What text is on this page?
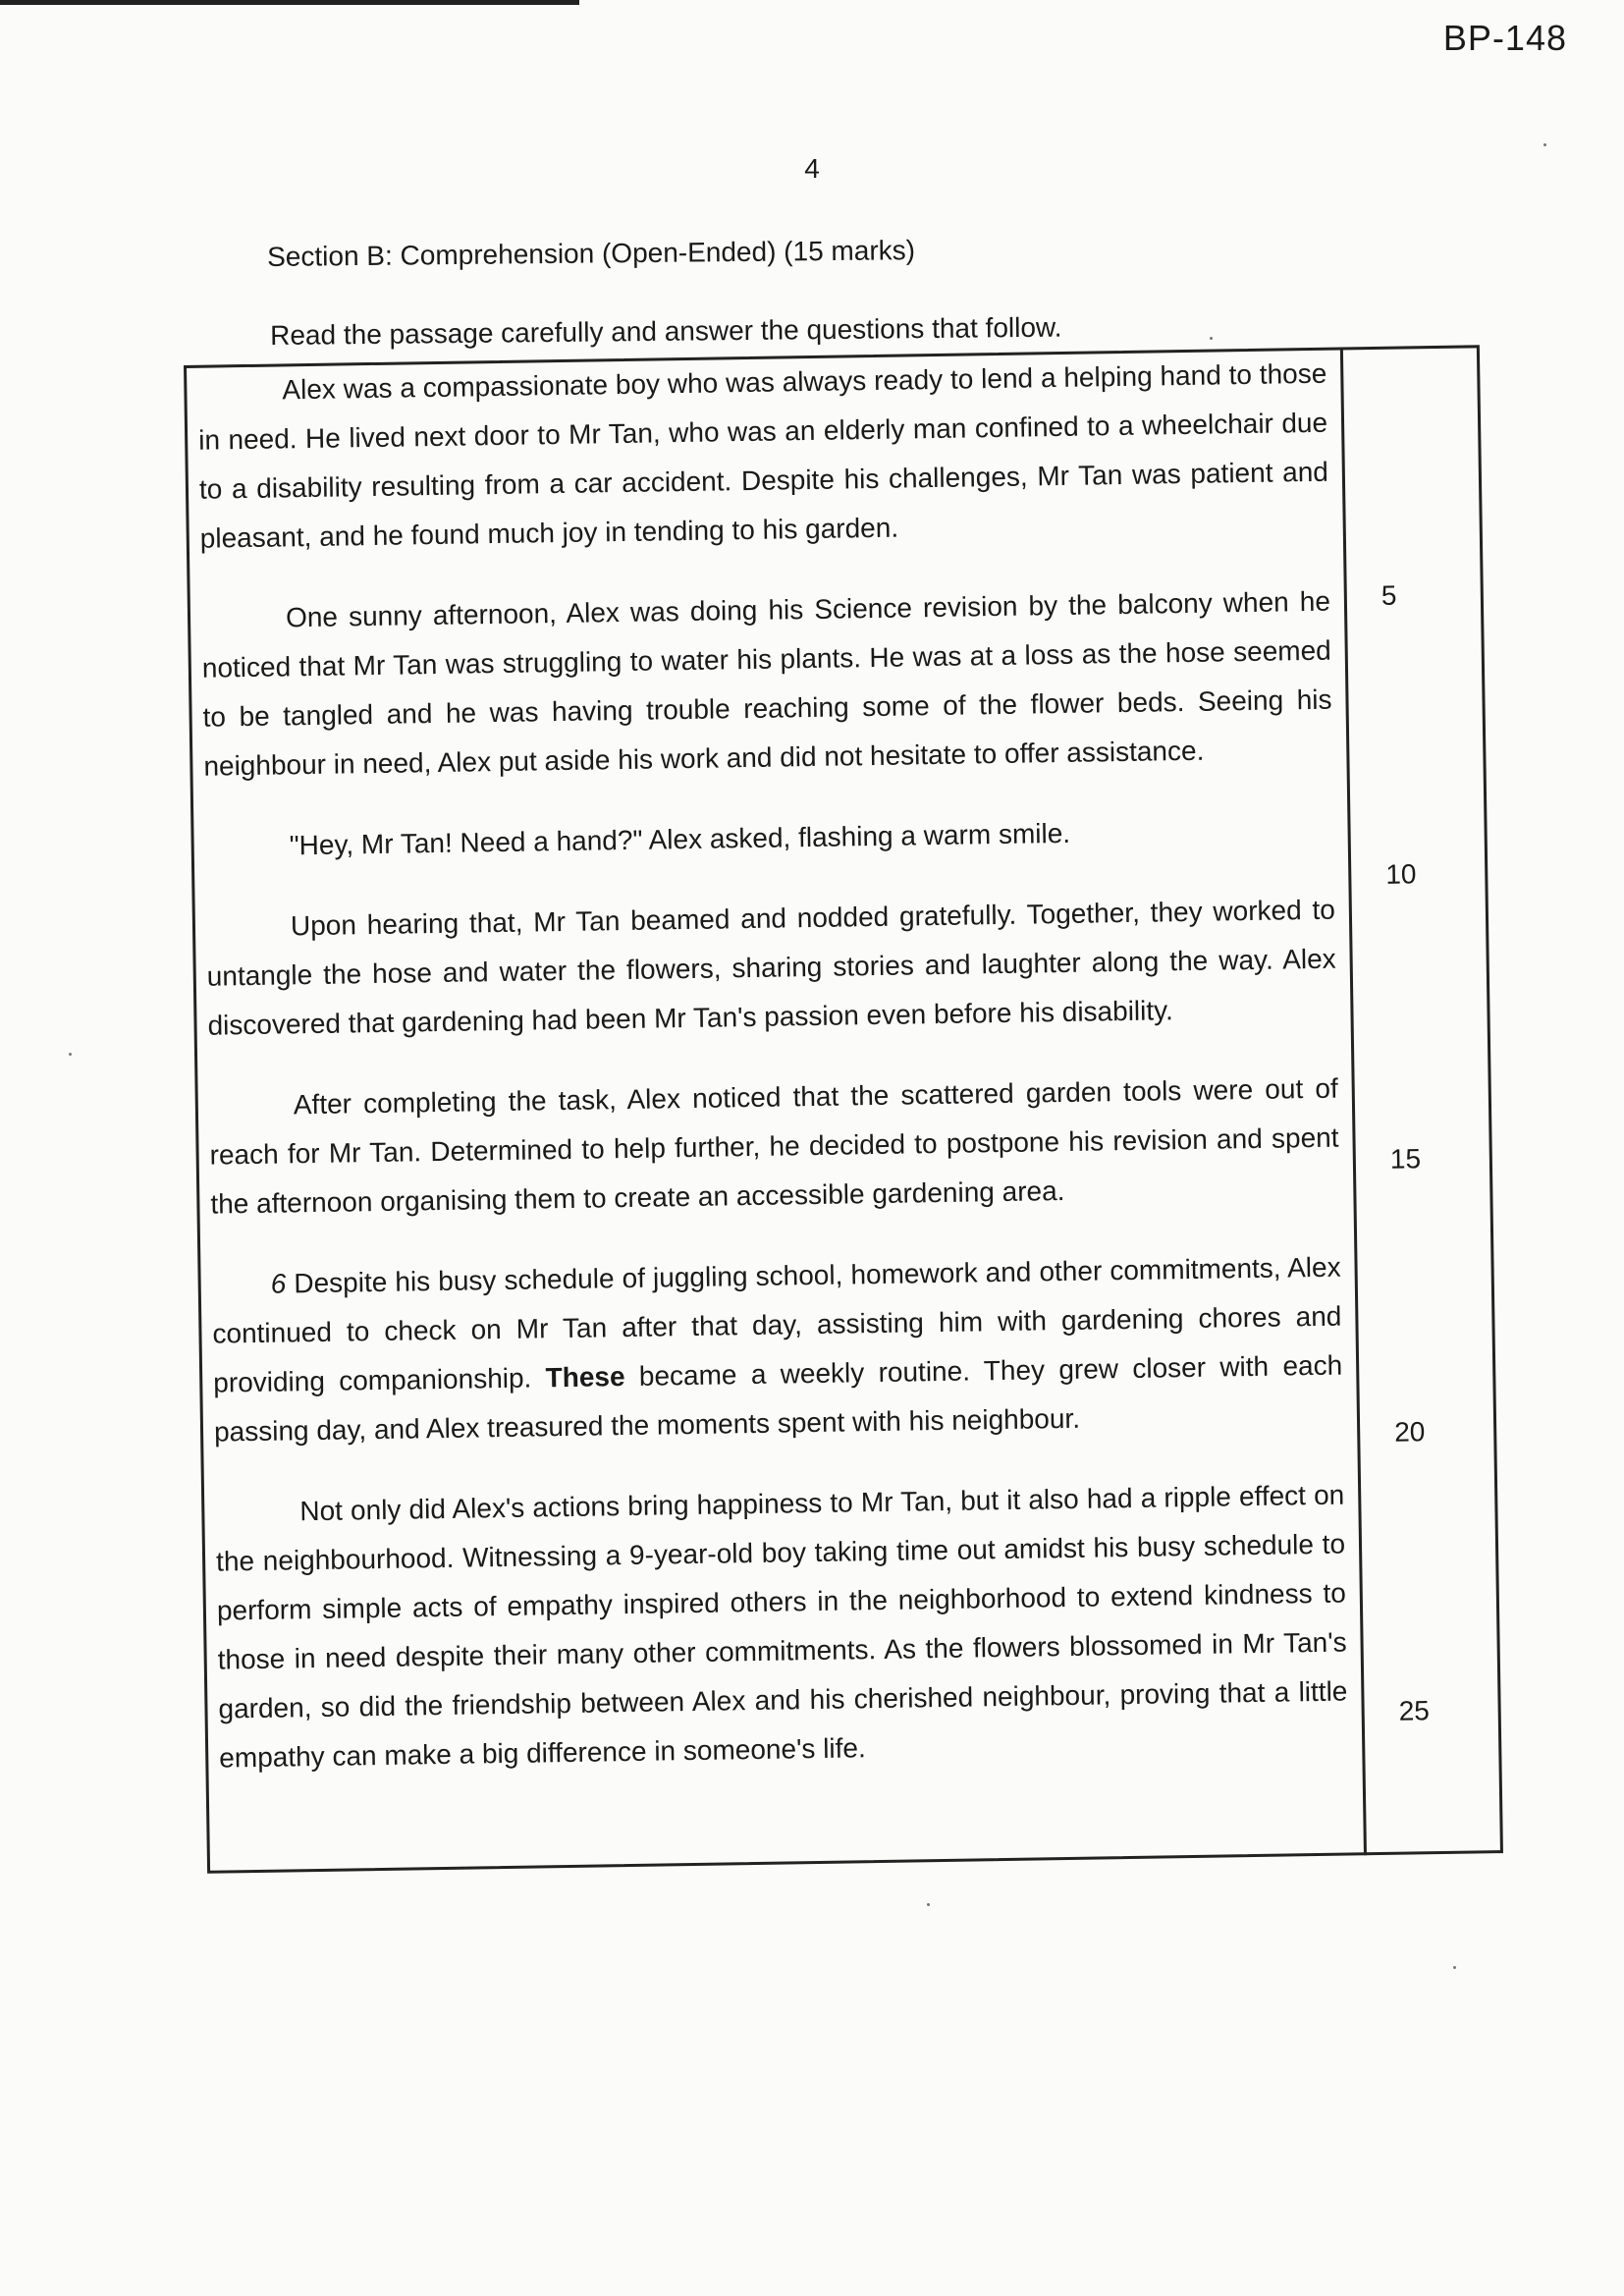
BP-148
4
Section B: Comprehension (Open-Ended) (15 marks)
Read the passage carefully and answer the questions that follow.

Alex was a compassionate boy who was always ready to lend a helping hand to those in need. He lived next door to Mr Tan, who was an elderly man confined to a wheelchair due to a disability resulting from a car accident. Despite his challenges, Mr Tan was patient and pleasant, and he found much joy in tending to his garden.

One sunny afternoon, Alex was doing his Science revision by the balcony when he noticed that Mr Tan was struggling to water his plants. He was at a loss as the hose seemed to be tangled and he was having trouble reaching some of the flower beds. Seeing his neighbour in need, Alex put aside his work and did not hesitate to offer assistance.

"Hey, Mr Tan! Need a hand?" Alex asked, flashing a warm smile.

Upon hearing that, Mr Tan beamed and nodded gratefully. Together, they worked to untangle the hose and water the flowers, sharing stories and laughter along the way. Alex discovered that gardening had been Mr Tan's passion even before his disability.

After completing the task, Alex noticed that the scattered garden tools were out of reach for Mr Tan. Determined to help further, he decided to postpone his revision and spent the afternoon organising them to create an accessible gardening area.

6 Despite his busy schedule of juggling school, homework and other commitments, Alex continued to check on Mr Tan after that day, assisting him with gardening chores and providing companionship. These became a weekly routine. They grew closer with each passing day, and Alex treasured the moments spent with his neighbour.

Not only did Alex's actions bring happiness to Mr Tan, but it also had a ripple effect on the neighbourhood. Witnessing a 9-year-old boy taking time out amidst his busy schedule to perform simple acts of empathy inspired others in the neighborhood to extend kindness to those in need despite their many other commitments. As the flowers blossomed in Mr Tan's garden, so did the friendship between Alex and his cherished neighbour, proving that a little empathy can make a big difference in someone's life.

5
10
15
20
25
